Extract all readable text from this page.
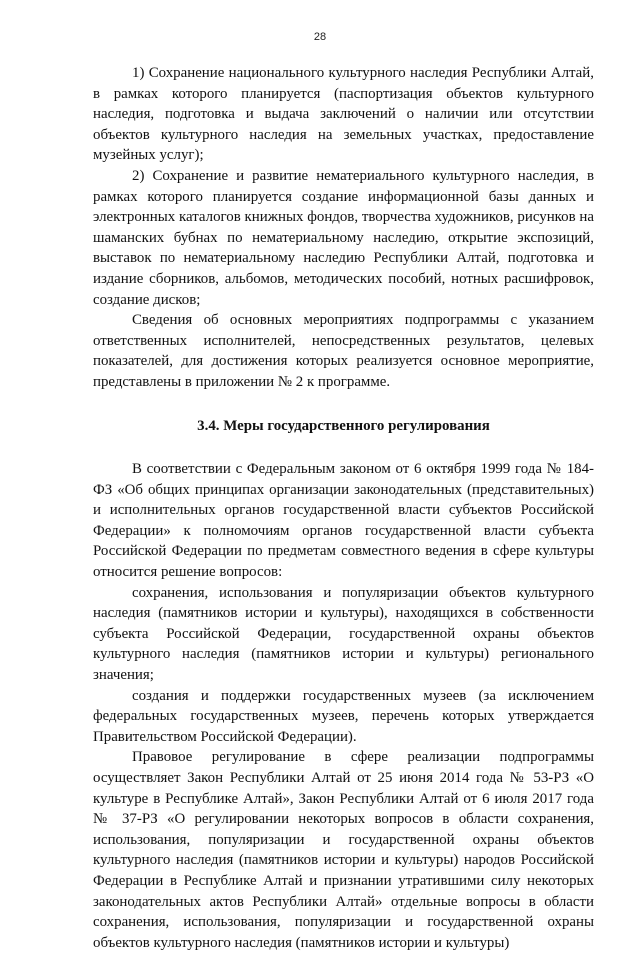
28

1) Сохранение национального культурного наследия Республики Алтай, в рамках которого планируется (паспортизация объектов культурного наследия, подготовка и выдача заключений о наличии или отсутствии объектов культурного наследия на земельных участках, предоставление музейных услуг);

2) Сохранение и развитие нематериального культурного наследия, в рамках которого планируется создание информационной базы данных и электронных каталогов книжных фондов, творчества художников, рисунков на шаманских бубнах по нематериальному наследию, открытие экспозиций, выставок по нематериальному наследию Республики Алтай, подготовка и издание сборников, альбомов, методических пособий, нотных расшифровок, создание дисков;

Сведения об основных мероприятиях подпрограммы с указанием ответственных исполнителей, непосредственных результатов, целевых показателей, для достижения которых реализуется основное мероприятие, представлены в приложении № 2 к программе.

3.4. Меры государственного регулирования

В соответствии с Федеральным законом от 6 октября 1999 года № 184-ФЗ «Об общих принципах организации законодательных (представительных) и исполнительных органов государственной власти субъектов Российской Федерации» к полномочиям органов государственной власти субъекта Российской Федерации по предметам совместного ведения в сфере культуры относится решение вопросов:

сохранения, использования и популяризации объектов культурного наследия (памятников истории и культуры), находящихся в собственности субъекта Российской Федерации, государственной охраны объектов культурного наследия (памятников истории и культуры) регионального значения;

создания и поддержки государственных музеев (за исключением федеральных государственных музеев, перечень которых утверждается Правительством Российской Федерации).

Правовое регулирование в сфере реализации подпрограммы осуществляет Закон Республики Алтай от 25 июня 2014 года № 53-РЗ «О культуре в Республике Алтай», Закон Республики Алтай от 6 июля 2017 года № 37-РЗ «О регулировании некоторых вопросов в области сохранения, использования, популяризации и государственной охраны объектов культурного наследия (памятников истории и культуры) народов Российской Федерации в Республике Алтай и признании утратившими силу некоторых законодательных актов Республики Алтай» отдельные вопросы в области сохранения, использования, популяризации и государственной охраны объектов культурного наследия (памятников истории и культуры)
